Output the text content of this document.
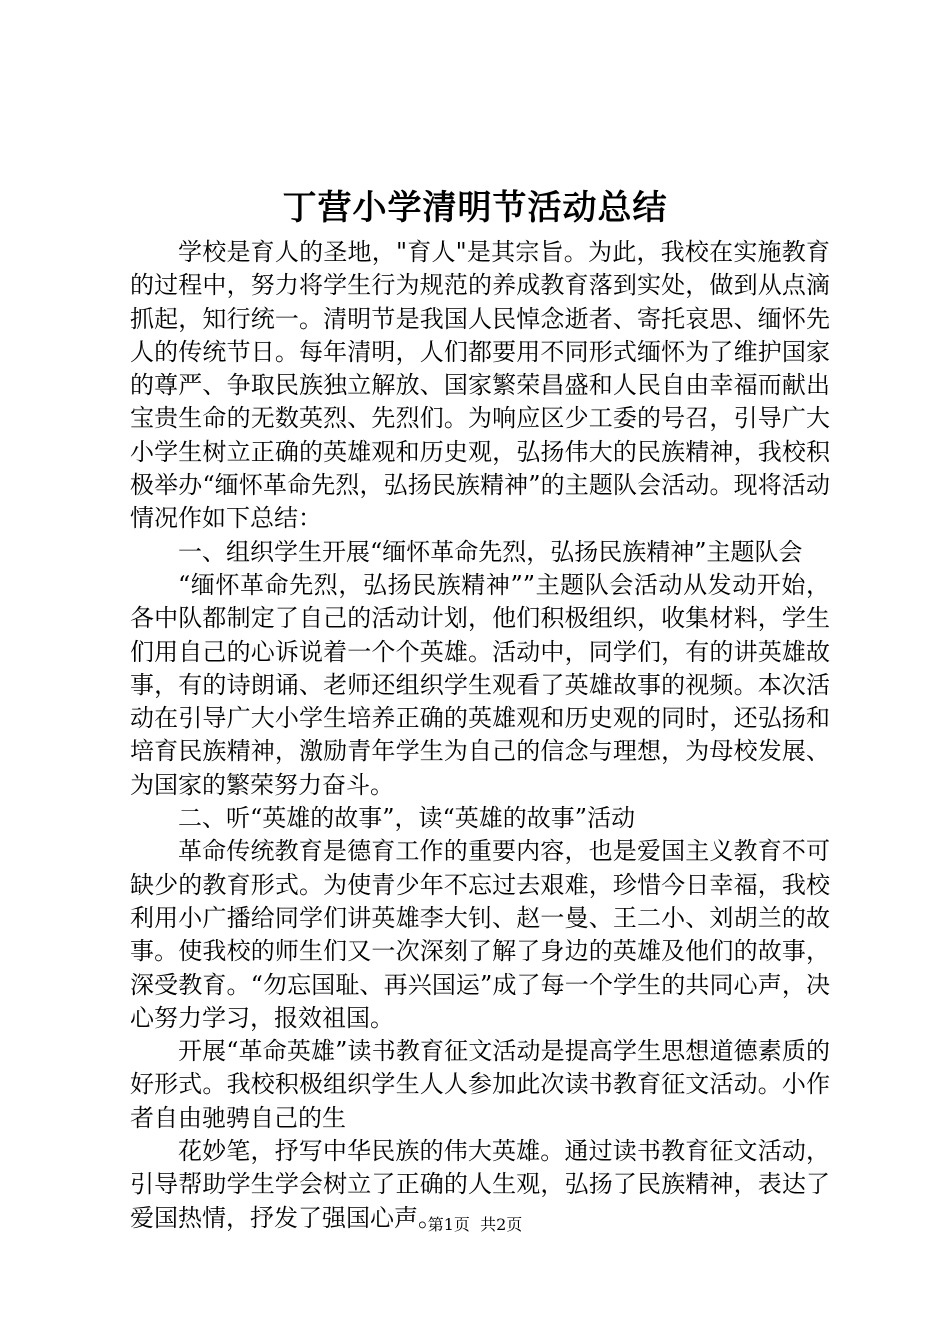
丁营小学清明节活动总结

学校是育人的圣地，"育人"是其宗旨。为此，我校在实施教育的过程中，努力将学生行为规范的养成教育落到实处，做到从点滴抓起，知行统一。清明节是我国人民悼念逝者、寄托哀思、缅怀先人的传统节日。每年清明，人们都要用不同形式缅怀为了维护国家的尊严、争取民族独立解放、国家繁荣昌盛和人民自由幸福而献出宝贵生命的无数英烈、先烈们。为响应区少工委的号召，引导广大小学生树立正确的英雄观和历史观，弘扬伟大的民族精神，我校积极举办“缅怀革命先烈，弘扬民族精神”的主题队会活动。现将活动情况作如下总结：

一、组织学生开展“缅怀革命先烈，弘扬民族精神”主题队会

“缅怀革命先烈，弘扬民族精神””主题队会活动从发动开始，各中队都制定了自己的活动计划，他们积极组织，收集材料，学生们用自己的心诉说着一个个英雄。活动中，同学们，有的讲英雄故事，有的诗朗诵、老师还组织学生观看了英雄故事的视频。本次活动在引导广大小学生培养正确的英雄观和历史观的同时，还弘扬和培育民族精神，激励青年学生为自己的信念与理想，为母校发展、为国家的繁荣努力奋斗。

二、听“英雄的故事”，读“英雄的故事”活动

革命传统教育是德育工作的重要内容，也是爱国主义教育不可缺少的教育形式。为使青少年不忘过去艰难，珍惜今日幸福，我校利用小广播给同学们讲英雄李大钊、赵一曼、王二小、刘胡兰的故事。使我校的师生们又一次深刻了解了身边的英雄及他们的故事，深受教育。“勿忘国耻、再兴国运”成了每一个学生的共同心声，决心努力学习，报效祖国。

开展“革命英雄”读书教育征文活动是提高学生思想道德素质的好形式。我校积极组织学生人人参加此次读书教育征文活动。小作者自由驰骋自己的生

花妙笔，抒写中华民族的伟大英雄。通过读书教育征文活动，引导帮助学生学会树立了正确的人生观，弘扬了民族精神，表达了爱国热情，抒发了强国心声。

第1页  共2页
